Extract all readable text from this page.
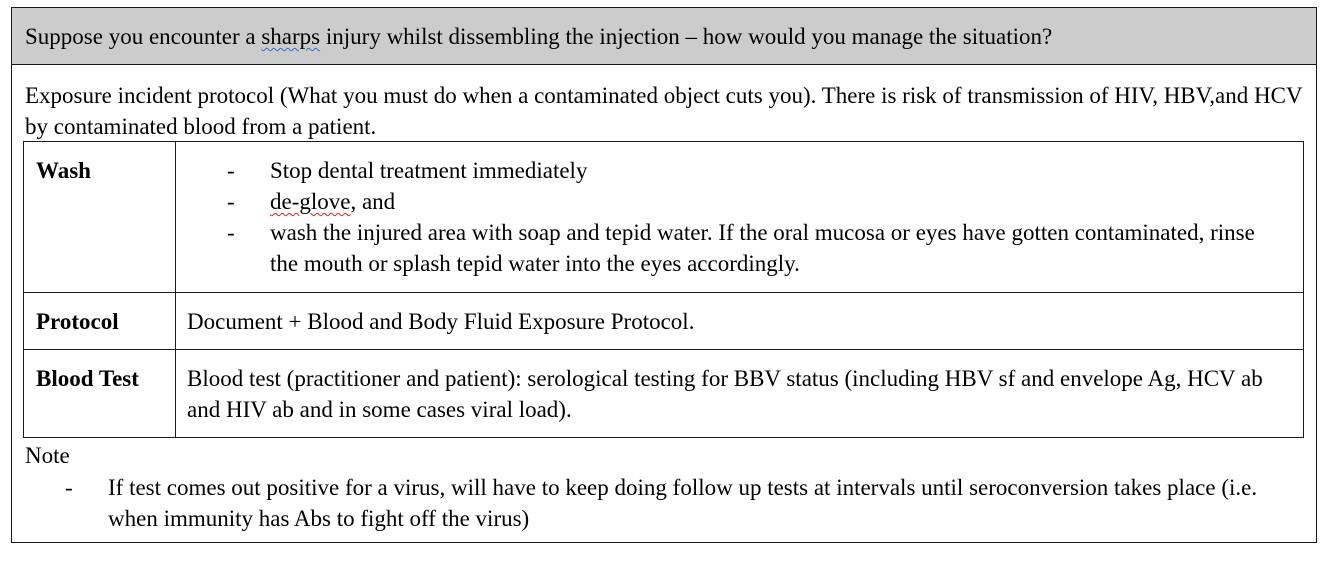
Suppose you encounter a sharps injury whilst dissembling the injection – how would you manage the situation?
Exposure incident protocol (What you must do when a contaminated object cuts you). There is risk of transmission of HIV, HBV,and HCV by contaminated blood from a patient.
Wash	- Stop dental treatment immediately
- de-glove, and
- wash the injured area with soap and tepid water. If the oral mucosa or eyes have gotten contaminated, rinse the mouth or splash tepid water into the eyes accordingly.
Protocol	Document + Blood and Body Fluid Exposure Protocol.
Blood Test Blood test (practitioner and patient): serological testing for BBV status (including HBV sf and envelope Ag, HCV ab and HIV ab and in some cases viral load).
Note
- If test comes out positive for a virus, will have to keep doing follow up tests at intervals until seroconversion takes place (i.e. when immunity has Abs to fight off the virus)
